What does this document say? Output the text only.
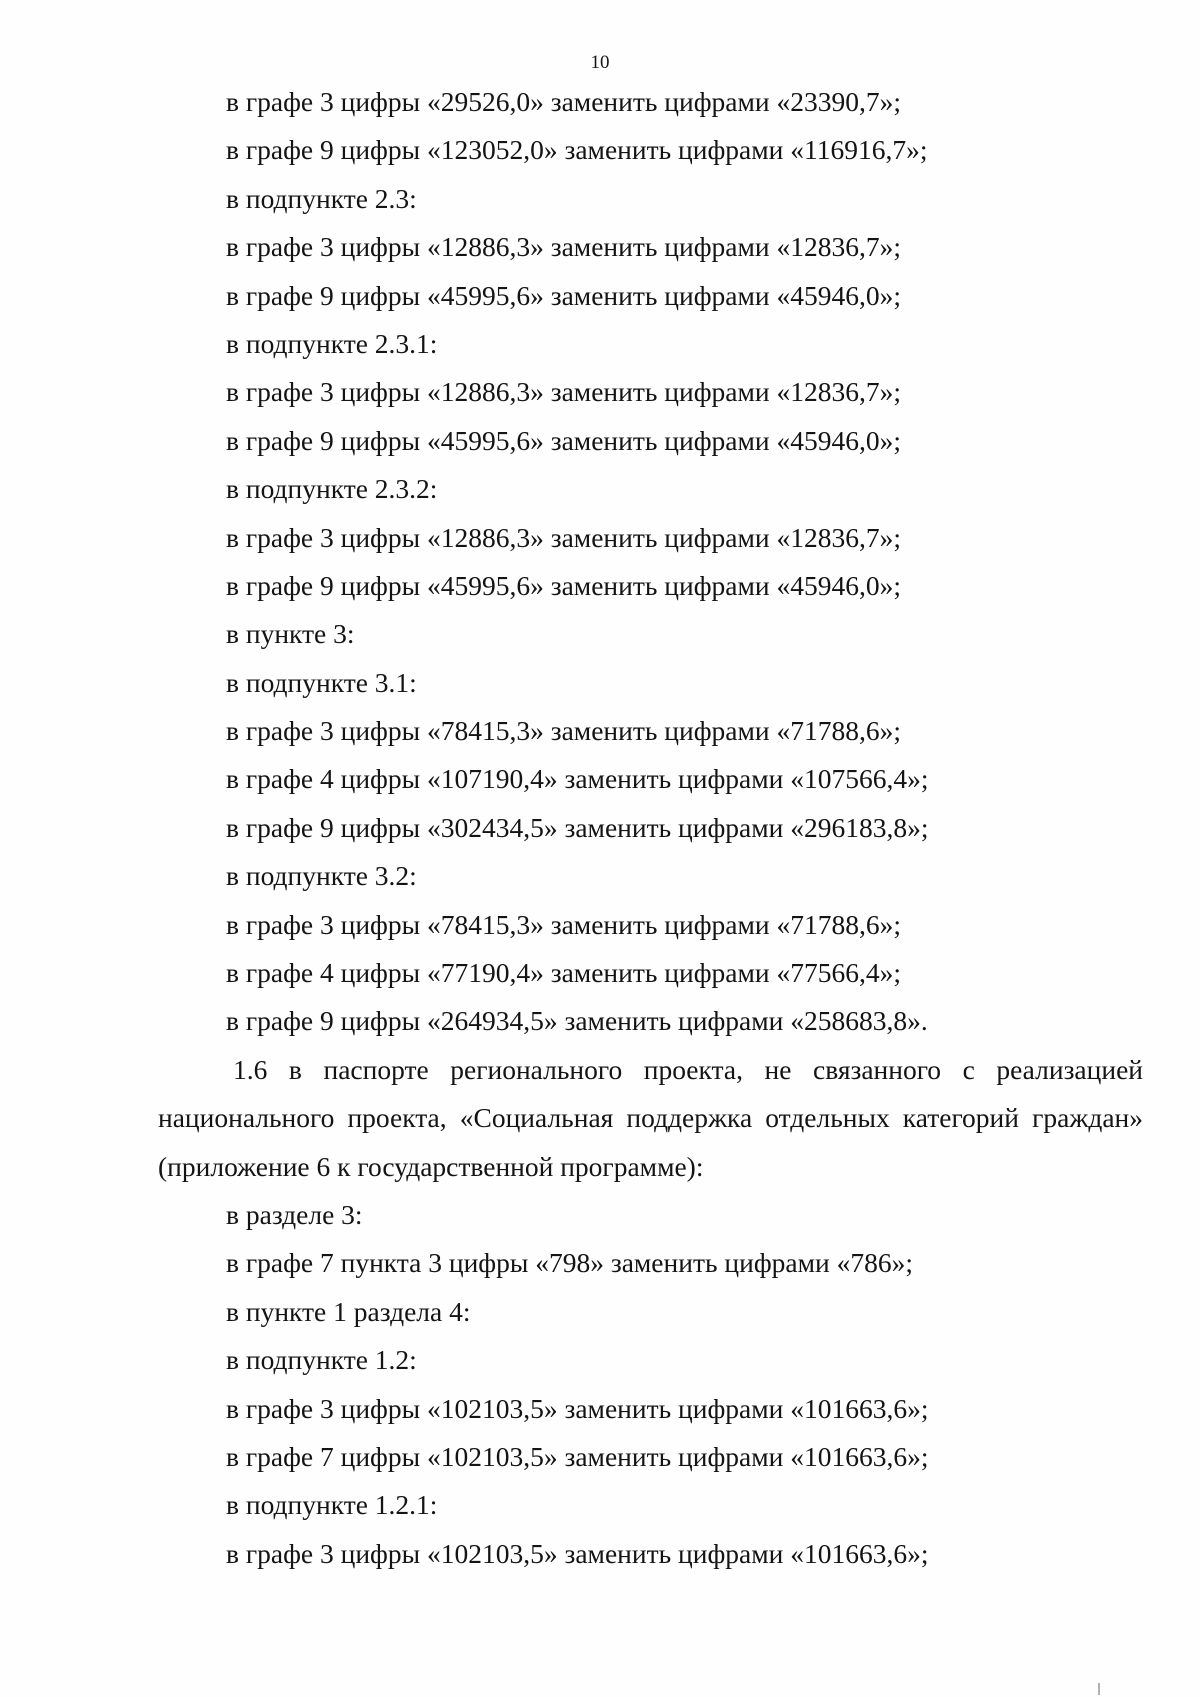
10
в графе 3 цифры «29526,0» заменить цифрами «23390,7»;
в графе 9 цифры «123052,0» заменить цифрами «116916,7»;
в подпункте 2.3:
в графе 3 цифры «12886,3» заменить цифрами «12836,7»;
в графе 9 цифры «45995,6» заменить цифрами «45946,0»;
в подпункте 2.3.1:
в графе 3 цифры «12886,3» заменить цифрами «12836,7»;
в графе 9 цифры «45995,6» заменить цифрами «45946,0»;
в подпункте 2.3.2:
в графе 3 цифры «12886,3» заменить цифрами «12836,7»;
в графе 9 цифры «45995,6» заменить цифрами «45946,0»;
в пункте 3:
в подпункте 3.1:
в графе 3 цифры «78415,3» заменить цифрами «71788,6»;
в графе 4 цифры «107190,4» заменить цифрами «107566,4»;
в графе 9 цифры «302434,5» заменить цифрами «296183,8»;
в подпункте 3.2:
в графе 3 цифры «78415,3» заменить цифрами «71788,6»;
в графе 4 цифры «77190,4» заменить цифрами «77566,4»;
в графе 9 цифры «264934,5» заменить цифрами «258683,8».

1.6 в паспорте регионального проекта, не связанного с реализацией национального проекта, «Социальная поддержка отдельных категорий граждан» (приложение 6 к государственной программе):

в разделе 3:
в графе 7 пункта 3 цифры «798» заменить цифрами «786»;
в пункте 1 раздела 4:
в подпункте 1.2:
в графе 3 цифры «102103,5» заменить цифрами «101663,6»;
в графе 7 цифры «102103,5» заменить цифрами «101663,6»;
в подпункте 1.2.1:
в графе 3 цифры «102103,5» заменить цифрами «101663,6»;
